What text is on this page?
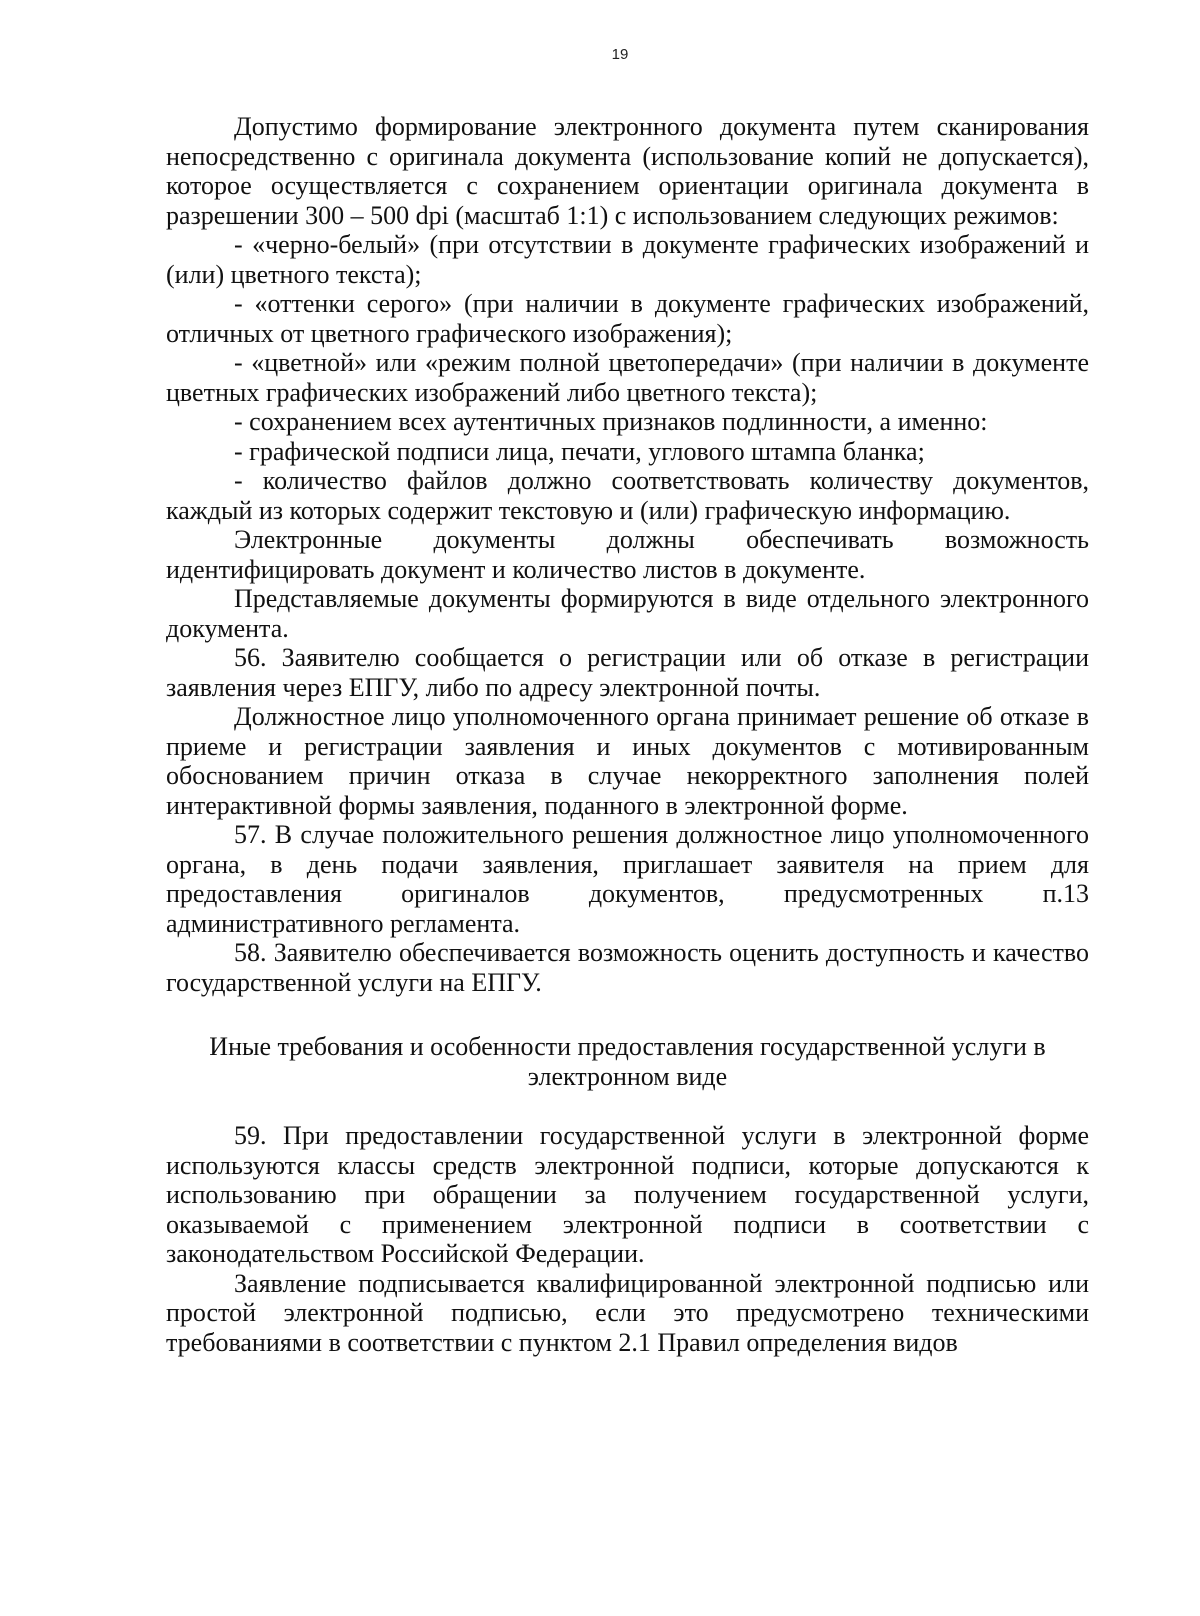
19

Допустимо формирование электронного документа путем сканирования непосредственно с оригинала документа (использование копий не допускается), которое осуществляется с сохранением ориентации оригинала документа в разрешении 300 – 500 dpi (масштаб 1:1) с использованием следующих режимов:

- «черно-белый» (при отсутствии в документе графических изображений и (или) цветного текста);

- «оттенки серого» (при наличии в документе графических изображений, отличных от цветного графического изображения);

- «цветной» или «режим полной цветопередачи» (при наличии в документе цветных графических изображений либо цветного текста);

- сохранением всех аутентичных признаков подлинности, а именно:

- графической подписи лица, печати, углового штампа бланка;

- количество файлов должно соответствовать количеству документов, каждый из которых содержит текстовую и (или) графическую информацию.

Электронные документы должны обеспечивать возможность идентифицировать документ и количество листов в документе.

Представляемые документы формируются в виде отдельного электронного документа.

56. Заявителю сообщается о регистрации или об отказе в регистрации заявления через ЕПГУ, либо по адресу электронной почты.

Должностное лицо уполномоченного органа принимает решение об отказе в приеме и регистрации заявления и иных документов с мотивированным обоснованием причин отказа в случае некорректного заполнения полей интерактивной формы заявления, поданного в электронной форме.

57. В случае положительного решения должностное лицо уполномоченного органа, в день подачи заявления, приглашает заявителя на прием для предоставления оригиналов документов, предусмотренных п.13 административного регламента.

58. Заявителю обеспечивается возможность оценить доступность и качество государственной услуги на ЕПГУ.

Иные требования и особенности предоставления государственной услуги в электронном виде

59. При предоставлении государственной услуги в электронной форме используются классы средств электронной подписи, которые допускаются к использованию при обращении за получением государственной услуги, оказываемой с применением электронной подписи в соответствии с законодательством Российской Федерации.

Заявление подписывается квалифицированной электронной подписью или простой электронной подписью, если это предусмотрено техническими требованиями в соответствии с пунктом 2.1 Правил определения видов
